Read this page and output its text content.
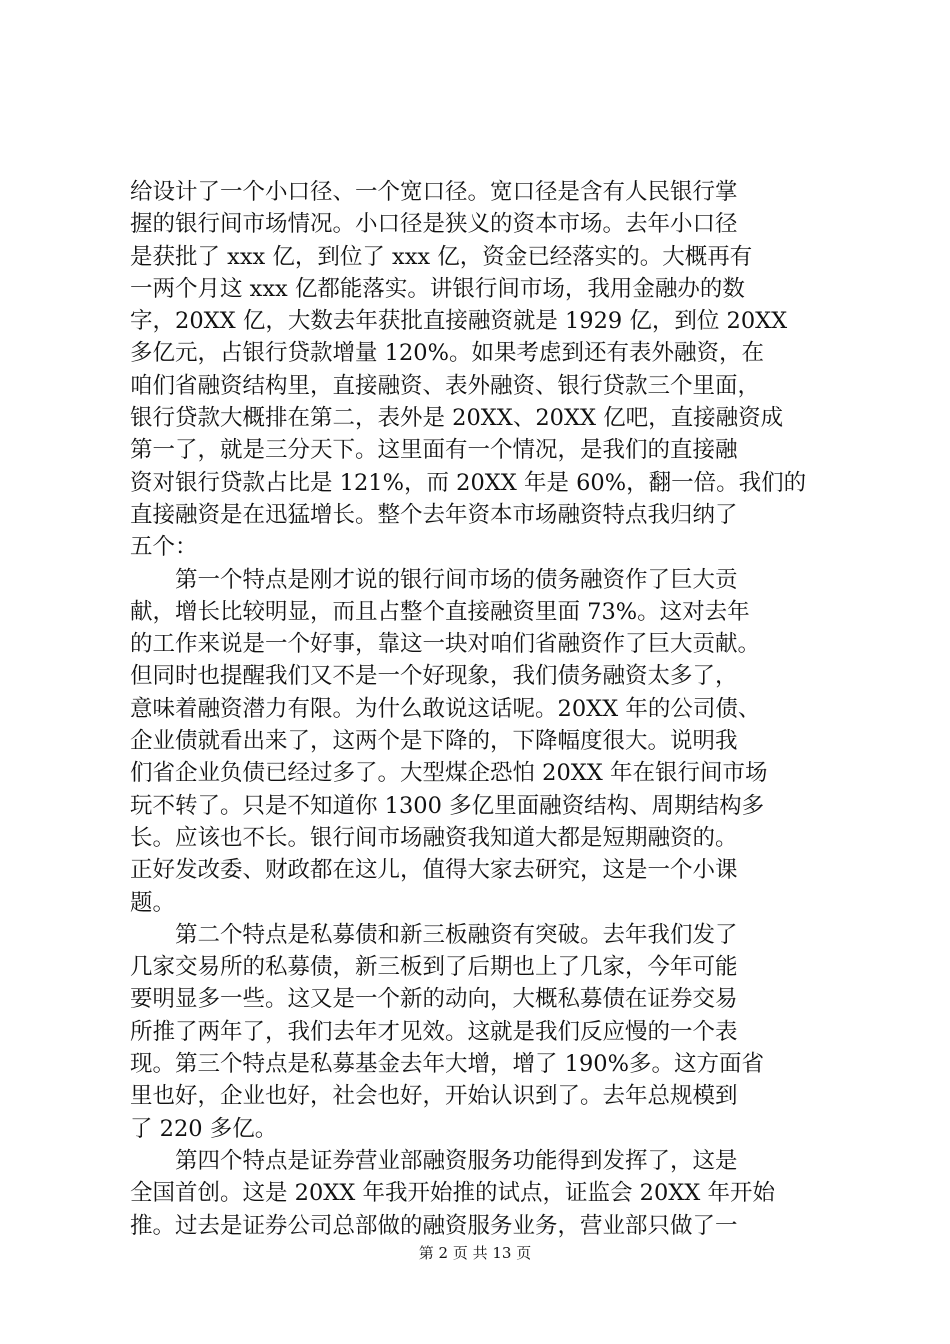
给设计了一个小口径、一个宽口径。宽口径是含有人民银行掌
握的银行间市场情况。小口径是狭义的资本市场。去年小口径
是获批了 xxx 亿，到位了 xxx 亿，资金已经落实的。大概再有
一两个月这 xxx 亿都能落实。讲银行间市场，我用金融办的数
字，20XX 亿，大数去年获批直接融资就是 1929 亿，到位 20XX
多亿元，占银行贷款增量 120%。如果考虑到还有表外融资，在
咱们省融资结构里，直接融资、表外融资、银行贷款三个里面，
银行贷款大概排在第二，表外是 20XX、20XX 亿吧，直接融资成
第一了，就是三分天下。这里面有一个情况，是我们的直接融
资对银行贷款占比是 121%，而 20XX 年是 60%，翻一倍。我们的
直接融资是在迅猛增长。整个去年资本市场融资特点我归纳了
五个：
　　第一个特点是刚才说的银行间市场的债务融资作了巨大贡
献，增长比较明显，而且占整个直接融资里面 73%。这对去年
的工作来说是一个好事，靠这一块对咱们省融资作了巨大贡献。
但同时也提醒我们又不是一个好现象，我们债务融资太多了，
意味着融资潜力有限。为什么敢说这话呢。20XX 年的公司债、
企业债就看出来了，这两个是下降的，下降幅度很大。说明我
们省企业负债已经过多了。大型煤企恐怕 20XX 年在银行间市场
玩不转了。只是不知道你 1300 多亿里面融资结构、周期结构多
长。应该也不长。银行间市场融资我知道大都是短期融资的。
正好发改委、财政都在这儿，值得大家去研究，这是一个小课
题。
　　第二个特点是私募债和新三板融资有突破。去年我们发了
几家交易所的私募债，新三板到了后期也上了几家，今年可能
要明显多一些。这又是一个新的动向，大概私募债在证券交易
所推了两年了，我们去年才见效。这就是我们反应慢的一个表
现。第三个特点是私募基金去年大增，增了 190%多。这方面省
里也好，企业也好，社会也好，开始认识到了。去年总规模到
了 220 多亿。
　　第四个特点是证券营业部融资服务功能得到发挥了，这是
全国首创。这是 20XX 年我开始推的试点，证监会 20XX 年开始
推。过去是证券公司总部做的融资服务业务，营业部只做了一
第 2 页 共 13 页
